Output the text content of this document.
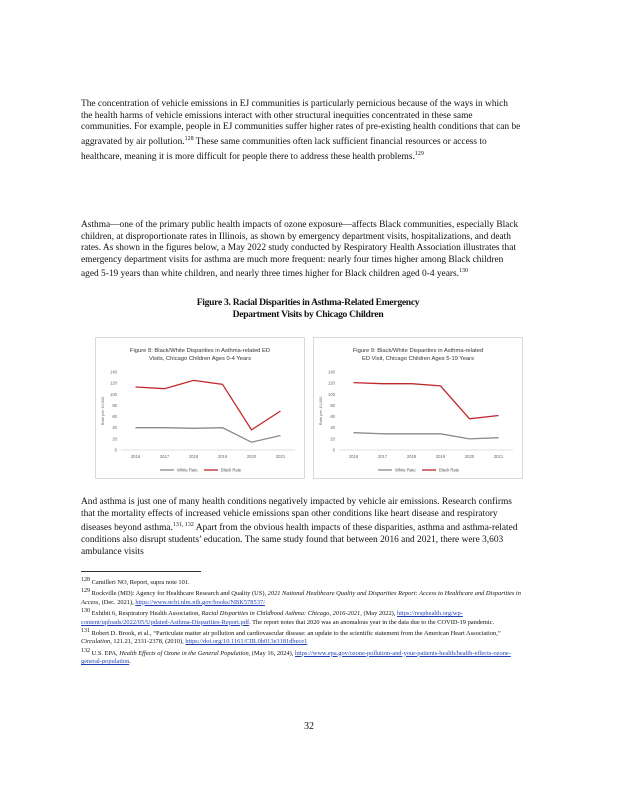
The concentration of vehicle emissions in EJ communities is particularly pernicious because of the ways in which the health harms of vehicle emissions interact with other structural inequities concentrated in these same communities. For example, people in EJ communities suffer higher rates of pre-existing health conditions that can be aggravated by air pollution.$^{128}$ These same communities often lack sufficient financial resources or access to healthcare, meaning it is more difficult for people there to address these health problems.$^{129}$
Asthma—one of the primary public health impacts of ozone exposure—affects Black communities, especially Black children, at disproportionate rates in Illinois, as shown by emergency department visits, hospitalizations, and death rates. As shown in the figures below, a May 2022 study conducted by Respiratory Health Association illustrates that emergency department visits for asthma are much more frequent: nearly four times higher among Black children aged 5-19 years than white children, and nearly three times higher for Black children aged 0-4 years.$^{130}$
Figure 3. Racial Disparities in Asthma-Related Emergency
Department Visits by Chicago Children
Figure 8: Black/White Disparities in Asthma-related ED
Visits, Chicago Children Ages 0-4 Years
0
20
40
60
80
100
120
140
Rate per 10,000
2016	2017	2018	2019	2020	2021
White Rate	Black Rate
Figure 9: Black/White Disparities in Asthma-related
ED Visit, Chicago Children Ages 5-19 Years
0
20
40
60
80
100
120
140
Rate per 10,000
2016	2017	2018	2019	2020	2021
White Rate	Black Rate
And asthma is just one of many health conditions negatively impacted by vehicle air emissions. Research confirms that the mortality effects of increased vehicle emissions span other conditions like heart disease and respiratory diseases beyond asthma.$^{131, 132}$ Apart from the obvious health impacts of these disparities, asthma and asthma-related conditions also disrupt students’ education. The same study found that between 2016 and 2021, there were 3,603 ambulance visits
$^{128}$ Camilleri NO, Report, supra note 101.
$^{129}$ Rockville (MD): Agency for Healthcare Research and Quality (US), 2021 National Healthcare Quality and Disparities Report: Access to Healthcare and Disparities in Access, (Dec. 2021), https://www.ncbi.nlm.nih.gov/books/NBK578537/
$^{130}$ Exhibit 6, Respiratory Health Association, Racial Disparities in Childhood Asthma: Chicago, 2016-2021, (May 2022), https://resphealth.org/wp-content/uploads/2022/05/Updated-Asthma-Disparities-Report.pdf. The report notes that 2020 was an anomalous year in the data due to the COVID-19 pandemic.
$^{131}$ Robert D. Brook, et al., “Particulate matter air pollution and cardiovascular disease: an update to the scientific statement from the American Heart Association,” Circulation, 121.21, 2331-2378, (2010), https://doi.org/10.1161/CIR.0b013e3181dbece1
$^{132}$ U.S. EPA, Health Effects of Ozone in the General Population, (May 16, 2024), https://www.epa.gov/ozone-pollution-and-your-patients-health/health-effects-ozone-general-population.
32
